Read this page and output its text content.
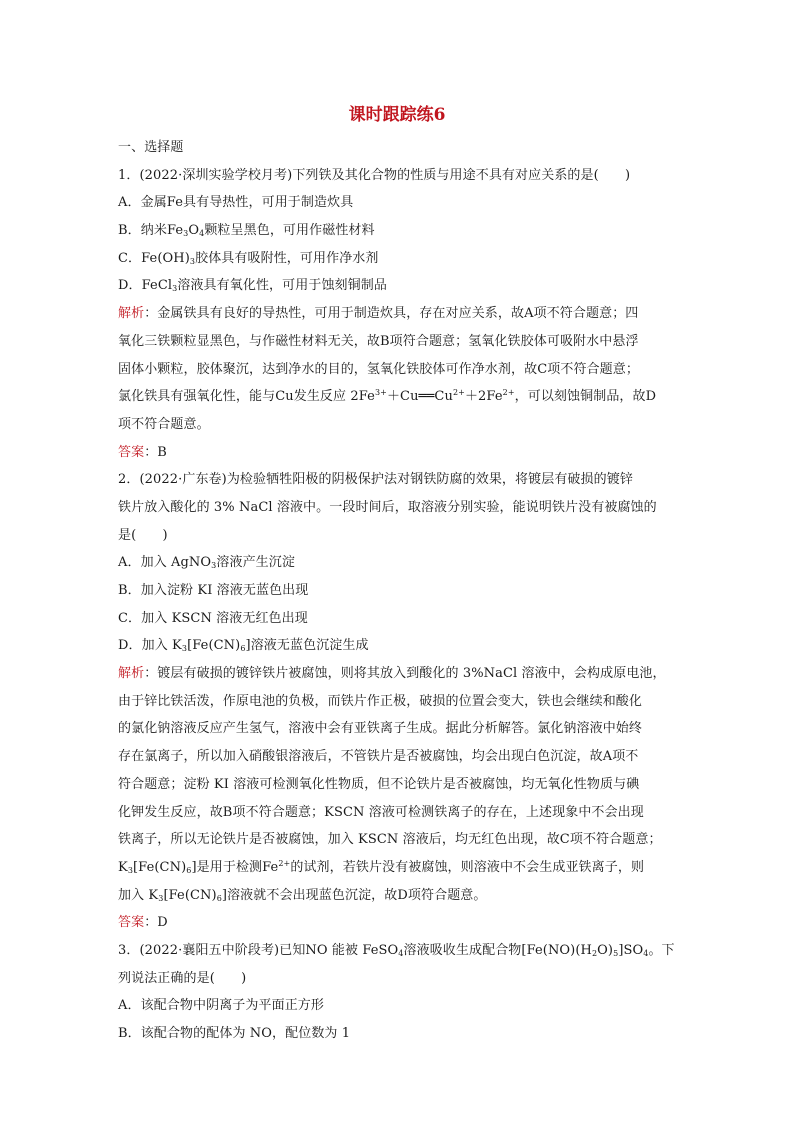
课时跟踪练6
一、选择题
1．(2022·深圳实验学校月考)下列铁及其化合物的性质与用途不具有对应关系的是(　　)
A．金属Fe具有导热性，可用于制造炊具
B．纳米$Fe_3O_4$颗粒呈黑色，可用作磁性材料
C．$Fe(OH)_3$胶体具有吸附性，可用作净水剂
D．FeCl$_3$溶液具有氧化性，可用于蚀刻铜制品
解析：金属铁具有良好的导热性，可用于制造炊具，存在对应关系，故A项不符合题意；四
氧化三铁颗粒显黑色，与作磁性材料无关，故B项符合题意；氢氧化铁胶体可吸附水中悬浮
固体小颗粒，胶体聚沉，达到净水的目的，氢氧化铁胶体可作净水剂，故C项不符合题意；
氯化铁具有强氧化性，能与Cu发生反应 $2Fe^{3+}+Cu══Cu^{2+}+2Fe^{2+}$，可以刻蚀铜制品，故D
项不符合题意。
答案：B
2．(2022·广东卷)为检验牺牲阳极的阴极保护法对钢铁防腐的效果，将镀层有破损的镀锌
铁片放入酸化的 3% NaCl 溶液中。一段时间后，取溶液分别实验，能说明铁片没有被腐蚀的
是(　　)
A．加入 AgNO$_3$溶液产生沉淀
B．加入淀粉 KI 溶液无蓝色出现
C．加入 KSCN 溶液无红色出现
D．加入 $K_3[Fe(CN)_6]$溶液无蓝色沉淀生成
解析：镀层有破损的镀锌铁片被腐蚀，则将其放入到酸化的 3%NaCl 溶液中，会构成原电池，
由于锌比铁活泼，作原电池的负极，而铁片作正极，破损的位置会变大，铁也会继续和酸化
的氯化钠溶液反应产生氢气，溶液中会有亚铁离子生成。据此分析解答。氯化钠溶液中始终
存在氯离子，所以加入硝酸银溶液后，不管铁片是否被腐蚀，均会出现白色沉淀，故A项不
符合题意；淀粉 KI 溶液可检测氧化性物质，但不论铁片是否被腐蚀，均无氧化性物质与碘
化钾发生反应，故B项不符合题意；KSCN 溶液可检测铁离子的存在，上述现象中不会出现
铁离子，所以无论铁片是否被腐蚀，加入 KSCN 溶液后，均无红色出现，故C项不符合题意；
$K_3[Fe(CN)_6]$是用于检测$Fe^{2+}$的试剂，若铁片没有被腐蚀，则溶液中不会生成亚铁离子，则
加入 $K_3[Fe(CN)_6]$溶液就不会出现蓝色沉淀，故D项符合题意。
答案：D
3．(2022·襄阳五中阶段考)已知NO 能被 FeSO$_4$溶液吸收生成配合物$[Fe(NO)(H_2O)_5]SO_4$。下
列说法正确的是(　　)
A．该配合物中阴离子为平面正方形
B．该配合物的配体为 NO，配位数为 1
